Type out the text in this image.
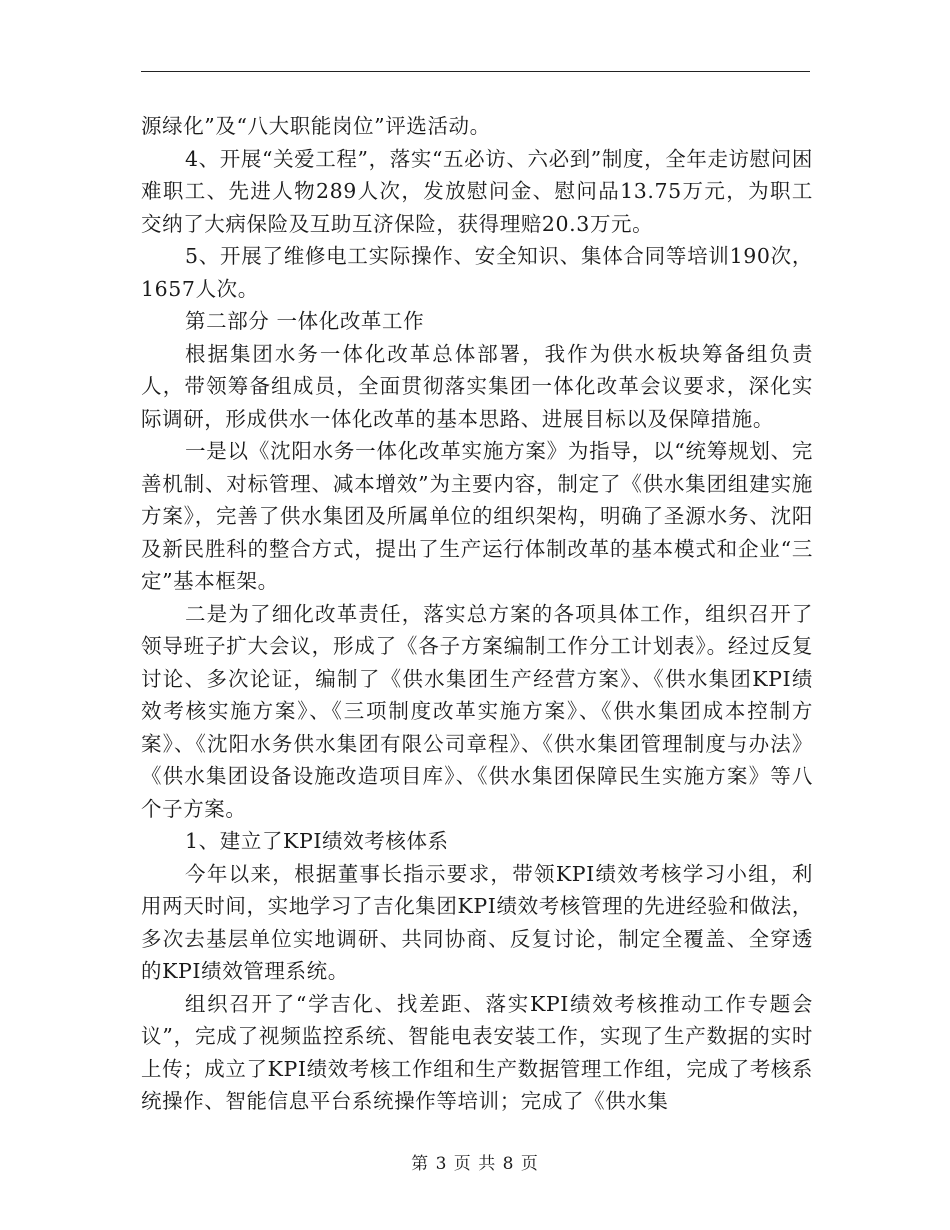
源绿化”及“八大职能岗位”评选活动。

4、开展“关爱工程”，落实“五必访、六必到”制度，全年走访慰问困难职工、先进人物289人次，发放慰问金、慰问品13.75万元，为职工交纳了大病保险及互助互济保险，获得理赔20.3万元。

5、开展了维修电工实际操作、安全知识、集体合同等培训190次，1657人次。

第二部分 一体化改革工作

根据集团水务一体化改革总体部署，我作为供水板块筹备组负责人，带领筹备组成员，全面贯彻落实集团一体化改革会议要求，深化实际调研，形成供水一体化改革的基本思路、进展目标以及保障措施。

一是以《沈阳水务一体化改革实施方案》为指导，以“统筹规划、完善机制、对标管理、减本增效”为主要内容，制定了《供水集团组建实施方案》，完善了供水集团及所属单位的组织架构，明确了圣源水务、沈阳及新民胜科的整合方式，提出了生产运行体制改革的基本模式和企业“三定”基本框架。

二是为了细化改革责任，落实总方案的各项具体工作，组织召开了领导班子扩大会议，形成了《各子方案编制工作分工计划表》。经过反复讨论、多次论证，编制了《供水集团生产经营方案》、《供水集团KPI绩效考核实施方案》、《三项制度改革实施方案》、《供水集团成本控制方案》、《沈阳水务供水集团有限公司章程》、《供水集团管理制度与办法》《供水集团设备设施改造项目库》、《供水集团保障民生实施方案》等八个子方案。

1、建立了KPI绩效考核体系

今年以来，根据董事长指示要求，带领KPI绩效考核学习小组，利用两天时间，实地学习了吉化集团KPI绩效考核管理的先进经验和做法，多次去基层单位实地调研、共同协商、反复讨论，制定全覆盖、全穿透的KPI绩效管理系统。

组织召开了“学吉化、找差距、落实KPI绩效考核推动工作专题会议”，完成了视频监控系统、智能电表安装工作，实现了生产数据的实时上传；成立了KPI绩效考核工作组和生产数据管理工作组，完成了考核系统操作、智能信息平台系统操作等培训；完成了《供水集

第 3 页 共 8 页
